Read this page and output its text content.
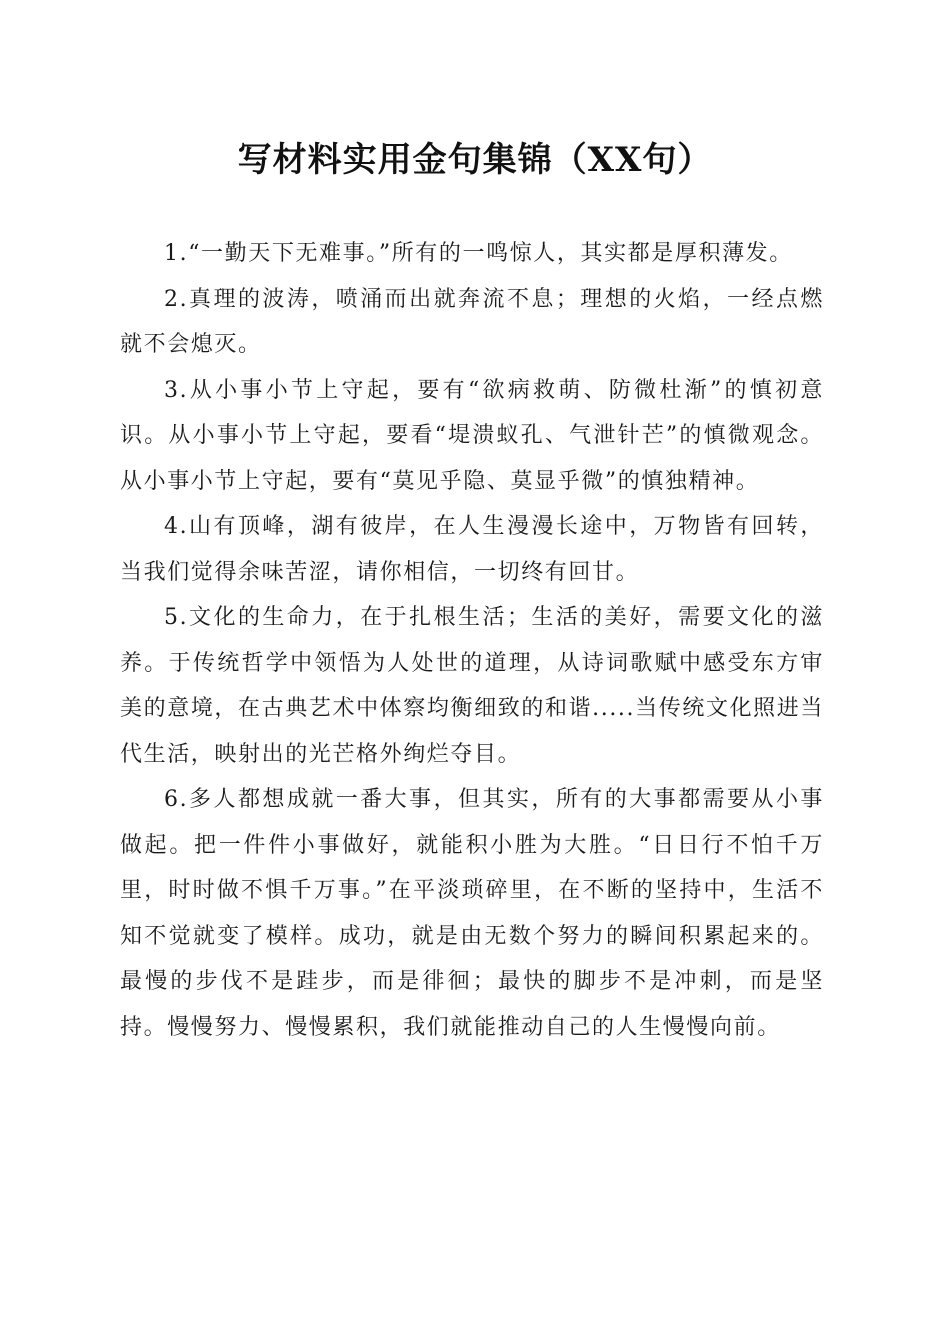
写材料实用金句集锦（XX句）

1.“一勤天下无难事。”所有的一鸣惊人，其实都是厚积薄发。

2.真理的波涛，喷涌而出就奔流不息；理想的火焰，一经点燃就不会熄灭。

3.从小事小节上守起，要有“欲病救萌、防微杜渐”的慎初意识。从小事小节上守起，要看“堤溃蚁孔、气泄针芒”的慎微观念。从小事小节上守起，要有“莫见乎隐、莫显乎微”的慎独精神。

4.山有顶峰，湖有彼岸，在人生漫漫长途中，万物皆有回转，当我们觉得余味苦涩，请你相信，一切终有回甘。

5.文化的生命力，在于扎根生活；生活的美好，需要文化的滋养。于传统哲学中领悟为人处世的道理，从诗词歌赋中感受东方审美的意境，在古典艺术中体察均衡细致的和谐.....当传统文化照进当代生活，映射出的光芒格外绚烂夺目。

6.多人都想成就一番大事，但其实，所有的大事都需要从小事做起。把一件件小事做好，就能积小胜为大胜。“日日行不怕千万里，时时做不惧千万事。”在平淡琐碎里，在不断的坚持中，生活不知不觉就变了模样。成功，就是由无数个努力的瞬间积累起来的。最慢的步伐不是跬步，而是徘徊；最快的脚步不是冲刺，而是坚持。慢慢努力、慢慢累积，我们就能推动自己的人生慢慢向前。
